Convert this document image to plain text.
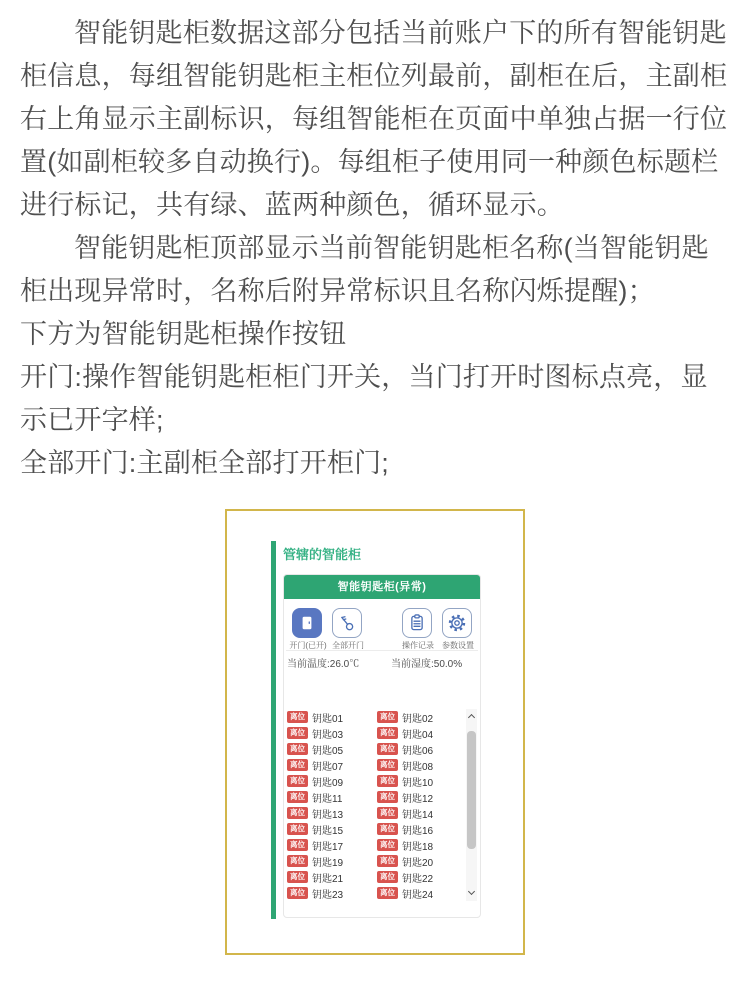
智能钥匙柜数据这部分包括当前账户下的所有智能钥匙柜信息，每组智能钥匙柜主柜位列最前，副柜在后，主副柜右上角显示主副标识，每组智能柜在页面中单独占据一行位置(如副柜较多自动换行)。每组柜子使用同一种颜色标题栏进行标记，共有绿、蓝两种颜色，循环显示。

智能钥匙柜顶部显示当前智能钥匙柜名称(当智能钥匙柜出现异常时，名称后附异常标识且名称闪烁提醒)；

下方为智能钥匙柜操作按钮

开门:操作智能钥匙柜柜门开关，当门打开时图标点亮，显示已开字样;

全部开门:主副柜全部打开柜门;

管辖的智能柜
智能钥匙柜(异常)
开门(已开) 全部开门	操作记录	参数设置
当前温度:26.0℃	当前湿度:50.0%
离位 钥匙01	离位 钥匙02
离位 钥匙03	离位 钥匙04
离位 钥匙05	离位 钥匙06
离位 钥匙07	离位 钥匙08
离位 钥匙09	离位 钥匙10
离位 钥匙11	离位 钥匙12
离位 钥匙13	离位 钥匙14
离位 钥匙15	离位 钥匙16
离位 钥匙17	离位 钥匙18
离位 钥匙19	离位 钥匙20
离位 钥匙21	离位 钥匙22
离位 钥匙23	离位 钥匙24
